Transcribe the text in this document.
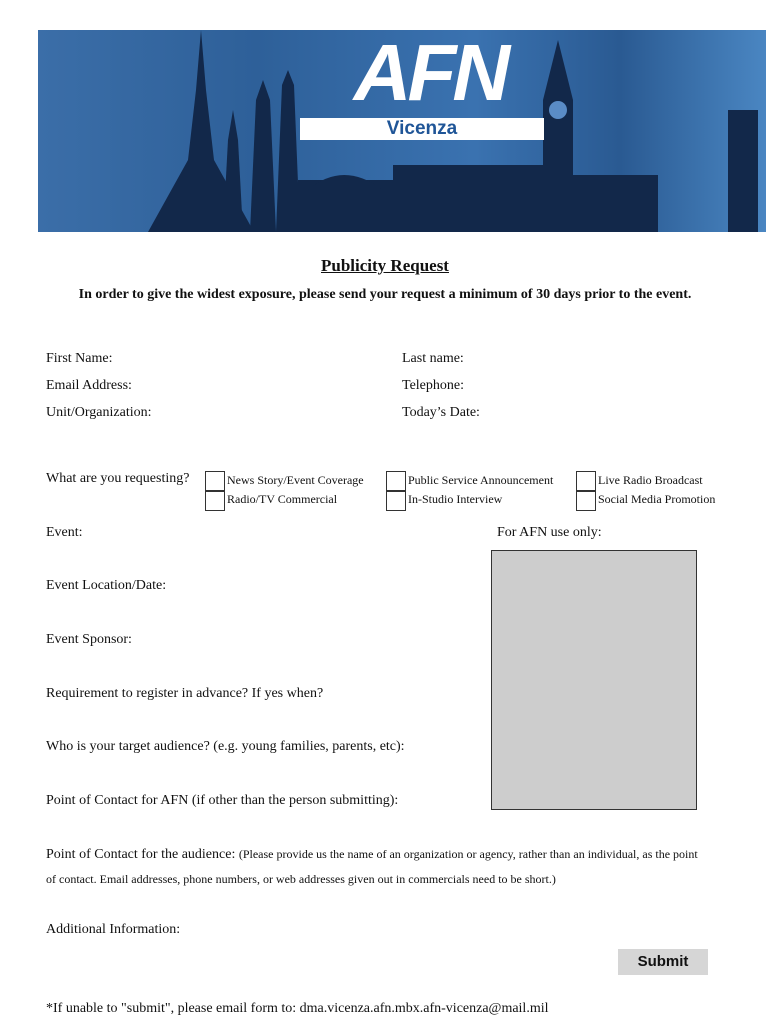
AFN
Vicenza
Publicity Request
In order to give the widest exposure, please send your request a minimum of 30 days prior to the event.
First Name:	Last name:
Email Address:	Telephone:
Unit/Organization:	Today’s Date:
What are you requesting?	News Story/Event Coverage	Public Service Announcement	Live Radio Broadcast
Radio/TV Commercial	In-Studio Interview	Social Media Promotion
Event:	For AFN use only:
Event Location/Date:
Event Sponsor:
Requirement to register in advance? If yes when?
Who is your target audience? (e.g. young families, parents, etc):
Point of Contact for AFN (if other than the person submitting):
Point of Contact for the audience: (Please provide us the name of an organization or agency, rather than an individual, as the point
of contact. Email addresses, phone numbers, or web addresses given out in commercials need to be short.)
Additional Information:
Submit
*If unable to "submit", please email form to: dma.vicenza.afn.mbx.afn-vicenza@mail.mil
